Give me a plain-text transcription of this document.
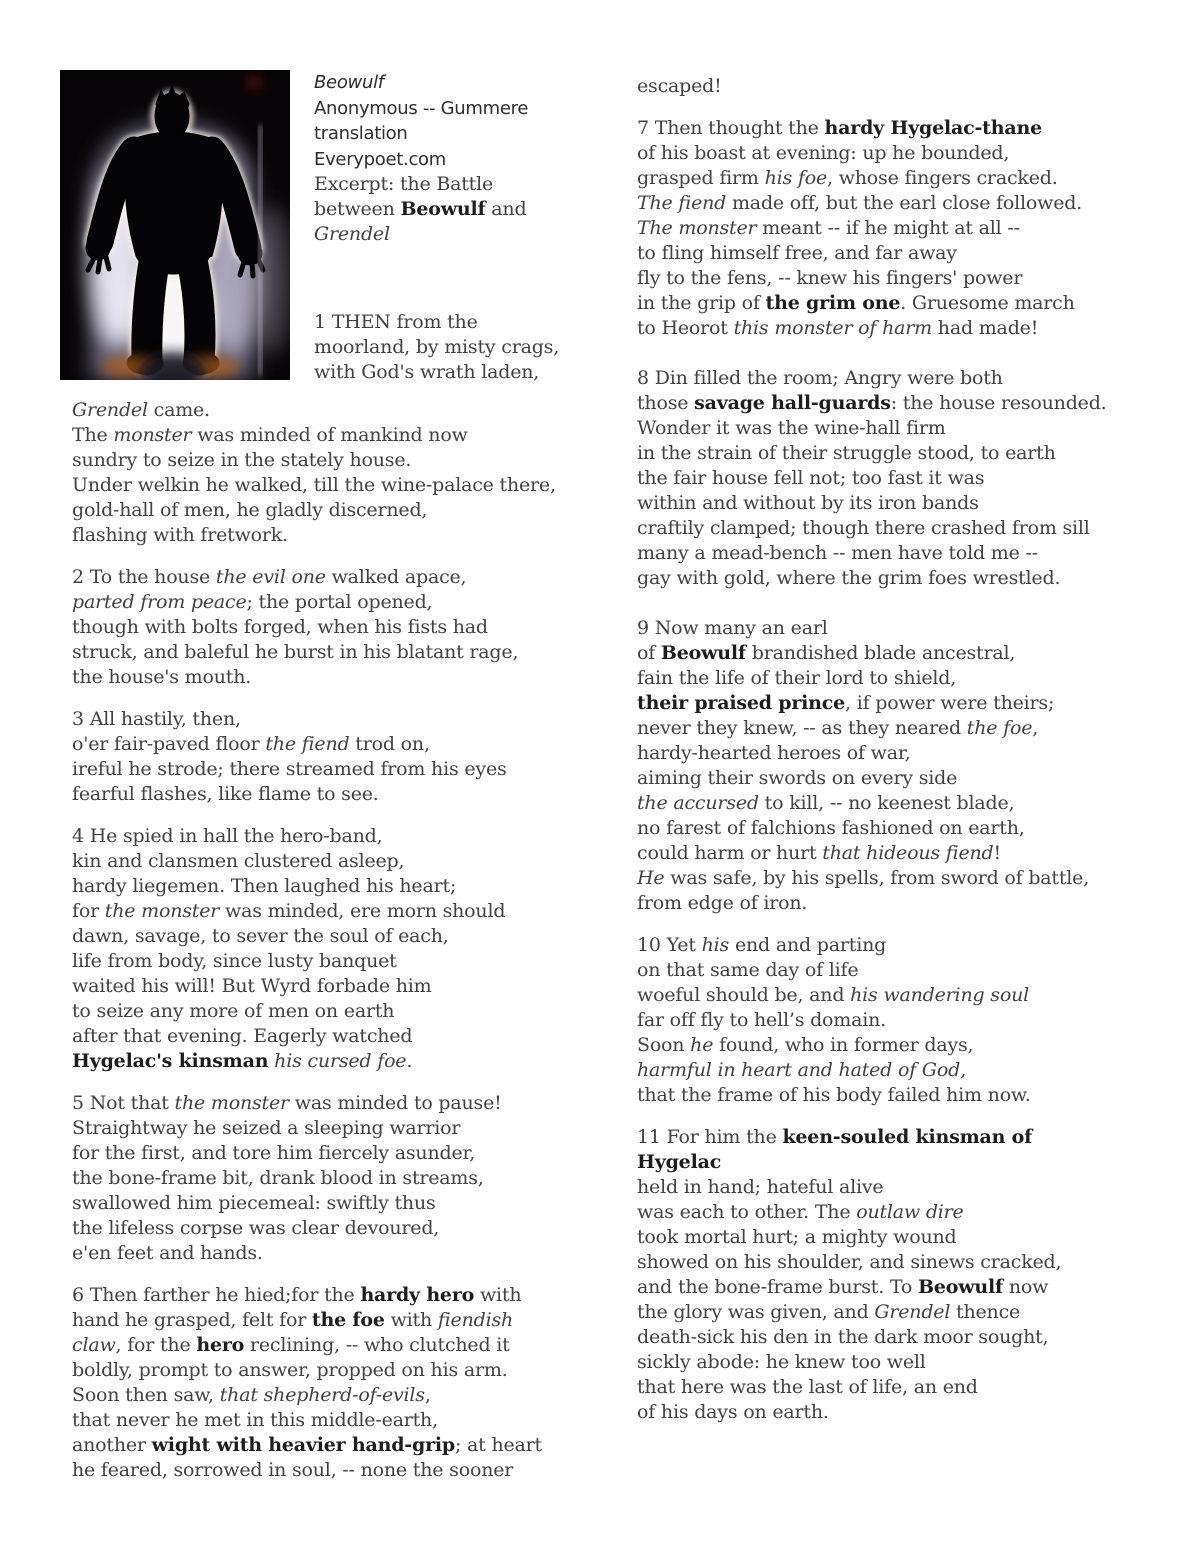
Beowulf
Anonymous -- Gummere translation
Everypoet.com
Excerpt: the Battle between Beowulf and Grendel
1 THEN from the
moorland, by misty crags,
with God's wrath laden,
Grendel came.
The monster was minded of mankind now
sundry to seize in the stately house.
Under welkin he walked, till the wine-palace there,
gold-hall of men, he gladly discerned,
flashing with fretwork.
2 To the house the evil one walked apace,
parted from peace; the portal opened,
though with bolts forged, when his fists had
struck, and baleful he burst in his blatant rage,
the house's mouth.
3 All hastily, then,
o'er fair-paved floor the fiend trod on,
ireful he strode; there streamed from his eyes
fearful flashes, like flame to see.
4 He spied in hall the hero-band,
kin and clansmen clustered asleep,
hardy liegemen. Then laughed his heart;
for the monster was minded, ere morn should
dawn, savage, to sever the soul of each,
life from body, since lusty banquet
waited his will! But Wyrd forbade him
to seize any more of men on earth
after that evening. Eagerly watched
Hygelac's kinsman his cursed foe.
5 Not that the monster was minded to pause!
Straightway he seized a sleeping warrior
for the first, and tore him fiercely asunder,
the bone-frame bit, drank blood in streams,
swallowed him piecemeal: swiftly thus
the lifeless corpse was clear devoured,
e'en feet and hands.
6 Then farther he hied;for the hardy hero with
hand he grasped, felt for the foe with fiendish
claw, for the hero reclining, -- who clutched it
boldly, prompt to answer, propped on his arm.
Soon then saw, that shepherd-of-evils,
that never he met in this middle-earth,
another wight with heavier hand-grip; at heart
he feared, sorrowed in soul, -- none the sooner
escaped!
7 Then thought the hardy Hygelac-thane
of his boast at evening: up he bounded,
grasped firm his foe, whose fingers cracked.
The fiend made off, but the earl close followed.
The monster meant -- if he might at all --
to fling himself free, and far away
fly to the fens, -- knew his fingers' power
in the grip of the grim one. Gruesome march
to Heorot this monster of harm had made!
8 Din filled the room; Angry were both
those savage hall-guards: the house resounded.
Wonder it was the wine-hall firm
in the strain of their struggle stood, to earth
the fair house fell not; too fast it was
within and without by its iron bands
craftily clamped; though there crashed from sill
many a mead-bench -- men have told me --
gay with gold, where the grim foes wrestled.
9 Now many an earl
of Beowulf brandished blade ancestral,
fain the life of their lord to shield,
their praised prince, if power were theirs;
never they knew, -- as they neared the foe,
hardy-hearted heroes of war,
aiming their swords on every side
the accursed to kill, -- no keenest blade,
no farest of falchions fashioned on earth,
could harm or hurt that hideous fiend!
He was safe, by his spells, from sword of battle,
from edge of iron.
10 Yet his end and parting
on that same day of life
woeful should be, and his wandering soul
far off fly to hell’s domain.
Soon he found, who in former days,
harmful in heart and hated of God,
that the frame of his body failed him now.
11 For him the keen-souled kinsman of
Hygelac
held in hand; hateful alive
was each to other. The outlaw dire
took mortal hurt; a mighty wound
showed on his shoulder, and sinews cracked,
and the bone-frame burst. To Beowulf now
the glory was given, and Grendel thence
death-sick his den in the dark moor sought,
sickly abode: he knew too well
that here was the last of life, an end
of his days on earth.
